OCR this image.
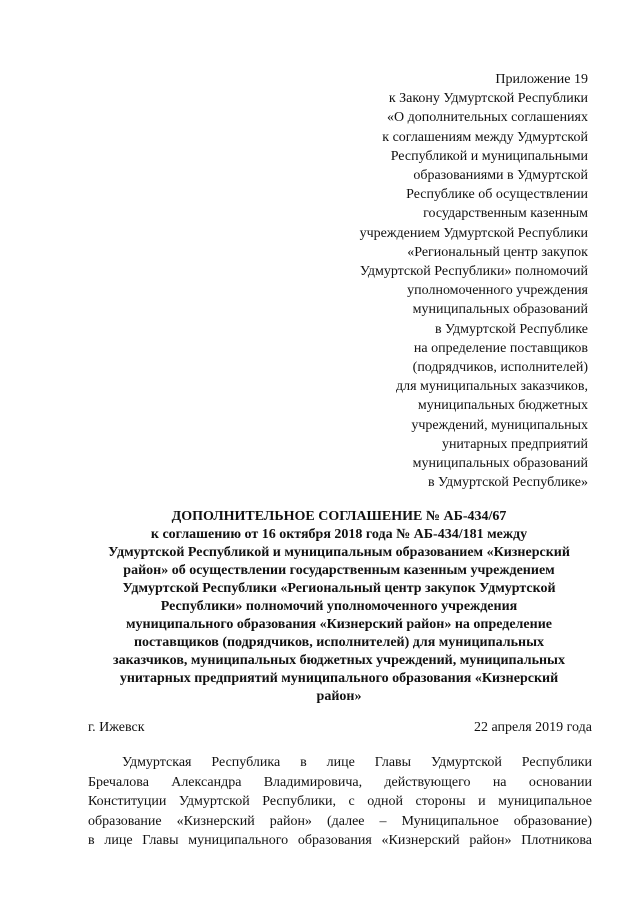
Приложение 19
к Закону Удмуртской Республики
«О дополнительных соглашениях
к соглашениям между Удмуртской
Республикой и муниципальными
образованиями в Удмуртской
Республике об осуществлении
государственным казенным
учреждением Удмуртской Республики
«Региональный центр закупок
Удмуртской Республики» полномочий
уполномоченного учреждения
муниципальных образований
в Удмуртской Республике
на определение поставщиков
(подрядчиков, исполнителей)
для муниципальных заказчиков,
муниципальных бюджетных
учреждений, муниципальных
унитарных предприятий
муниципальных образований
в Удмуртской Республике»
ДОПОЛНИТЕЛЬНОЕ СОГЛАШЕНИЕ № АБ-434/67
к соглашению от 16 октября 2018 года № АБ-434/181 между
Удмуртской Республикой и муниципальным образованием «Кизнерский
район» об осуществлении государственным казенным учреждением
Удмуртской Республики «Региональный центр закупок Удмуртской
Республики» полномочий уполномоченного учреждения
муниципального образования «Кизнерский район» на определение
поставщиков (подрядчиков, исполнителей) для муниципальных
заказчиков, муниципальных бюджетных учреждений, муниципальных
унитарных предприятий муниципального образования «Кизнерский
район»
г. Ижевск	22 апреля 2019 года
Удмуртская Республика в лице Главы Удмуртской Республики
Бречалова Александра Владимировича, действующего на основании
Конституции Удмуртской Республики, с одной стороны и муниципальное
образование «Кизнерский район» (далее – Муниципальное образование)
в лице Главы муниципального образования «Кизнерский район» Плотникова
